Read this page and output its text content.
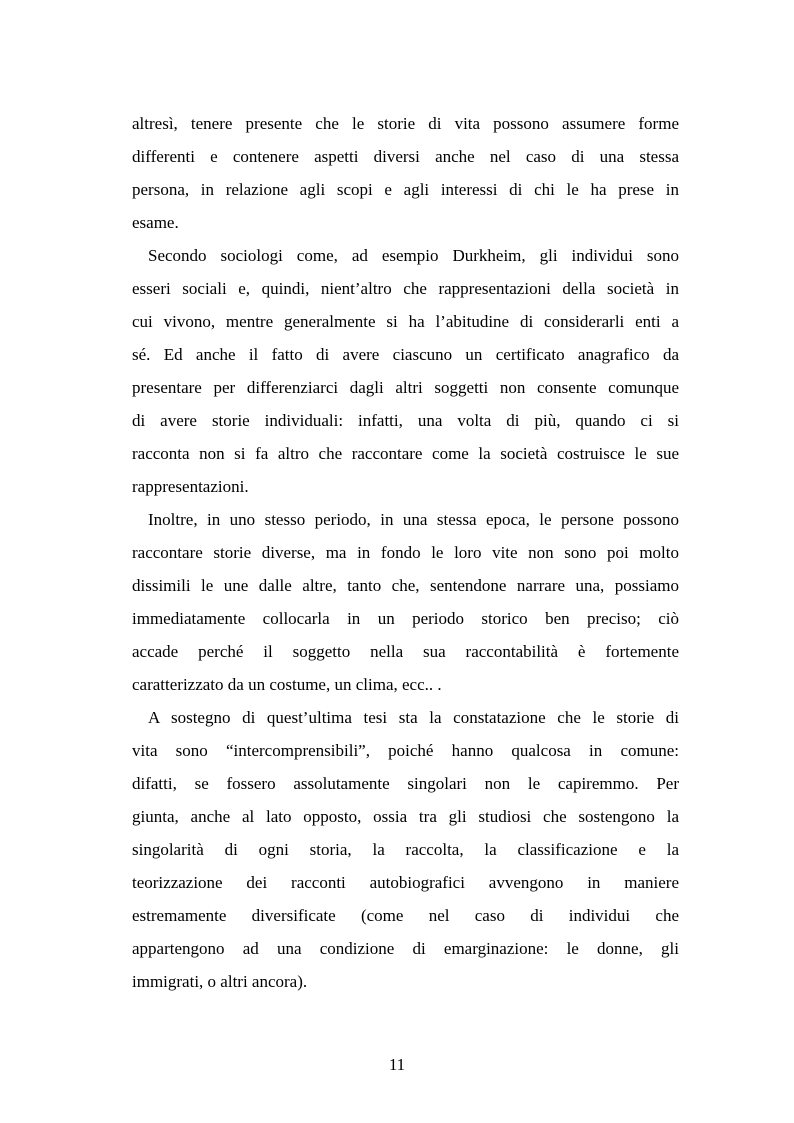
altresì, tenere presente che le storie di vita possono assumere forme
differenti e contenere aspetti diversi anche nel caso di una stessa
persona, in relazione agli scopi e agli interessi di chi le ha prese in
esame.
Secondo sociologi come, ad esempio Durkheim, gli individui sono
esseri sociali e, quindi, nient’altro che rappresentazioni della società in
cui vivono, mentre generalmente si ha l’abitudine di considerarli enti a
sé. Ed anche il fatto di avere ciascuno un certificato anagrafico da
presentare per differenziarci dagli altri soggetti non consente comunque
di avere storie individuali: infatti, una volta di più, quando ci si
racconta non si fa altro che raccontare come la società costruisce le sue
rappresentazioni.
Inoltre, in uno stesso periodo, in una stessa epoca, le persone possono
raccontare storie diverse, ma in fondo le loro vite non sono poi molto
dissimili le une dalle altre, tanto che, sentendone narrare una, possiamo
immediatamente collocarla in un periodo storico ben preciso; ciò
accade perché il soggetto nella sua raccontabilità è fortemente
caratterizzato da un costume, un clima, ecc.. .
A sostegno di quest’ultima tesi sta la constatazione che le storie di
vita sono “intercomprensibili”, poiché hanno qualcosa in comune:
difatti, se fossero assolutamente singolari non le capiremmo. Per
giunta, anche al lato opposto, ossia tra gli studiosi che sostengono la
singolarità di ogni storia, la raccolta, la classificazione e la
teorizzazione dei racconti autobiografici avvengono in maniere
estremamente diversificate (come nel caso di individui che
appartengono ad una condizione di emarginazione: le donne, gli
immigrati, o altri ancora).
11
